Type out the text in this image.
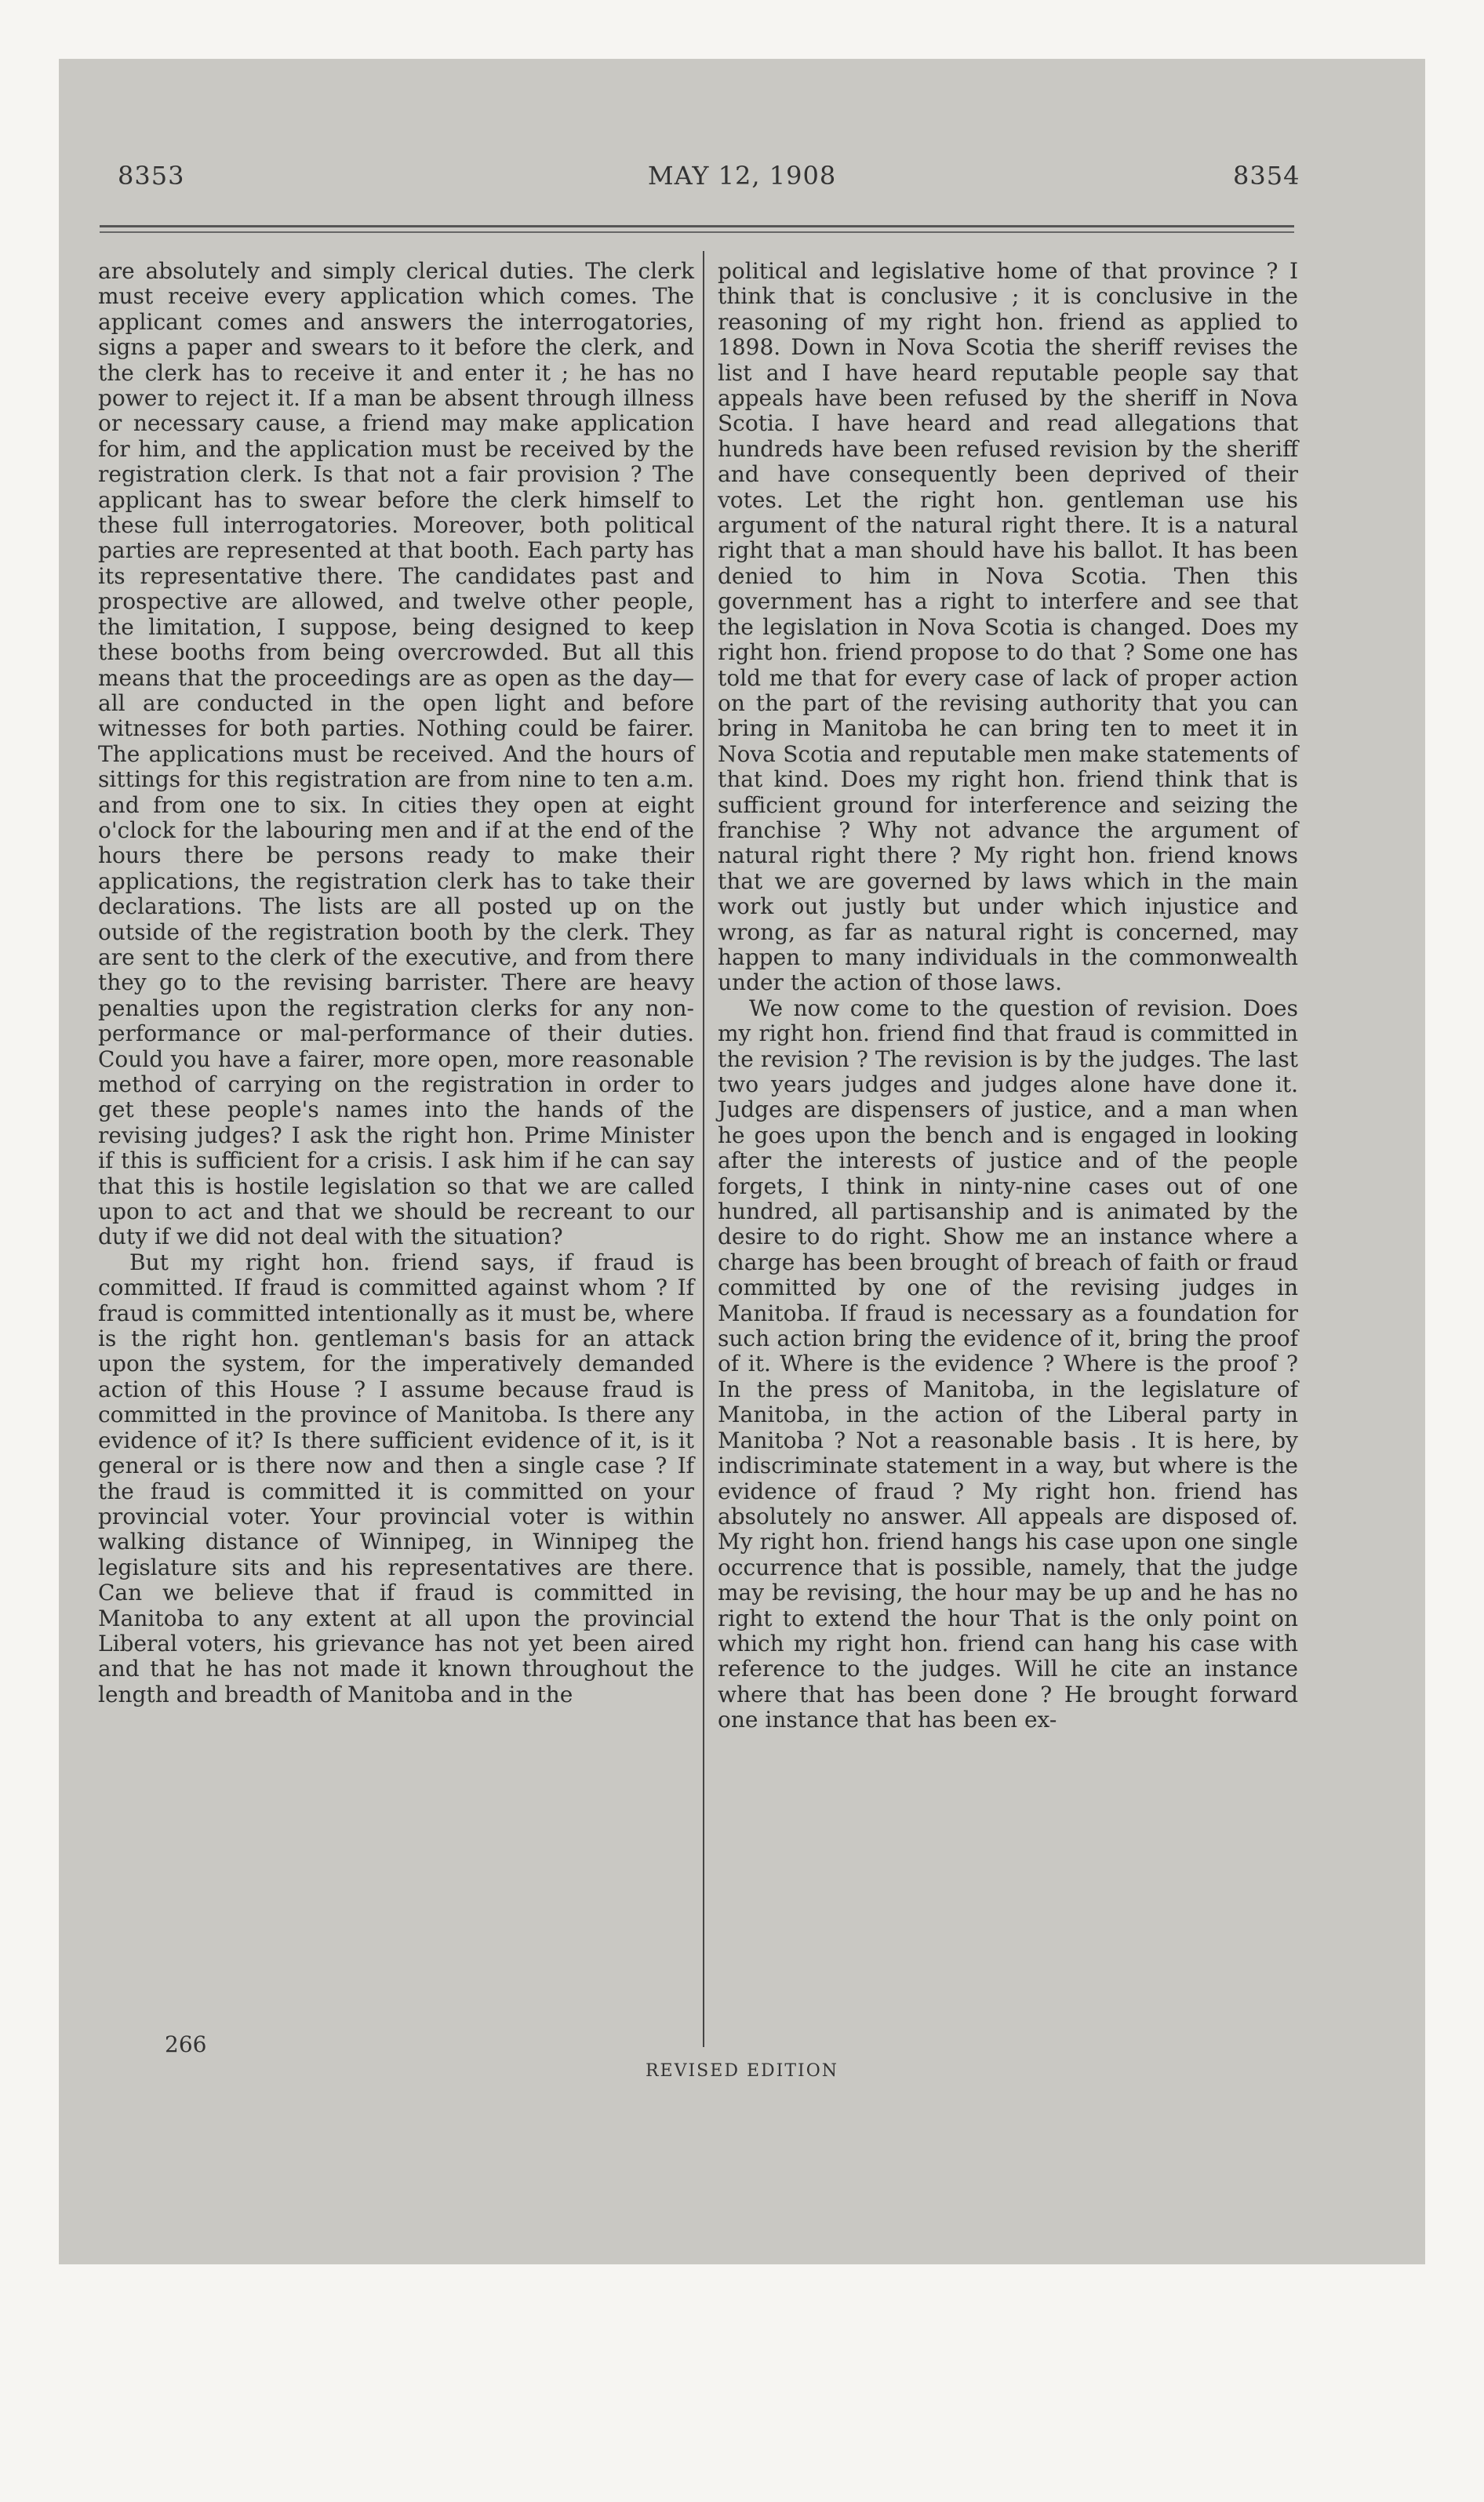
8353	MAY 12, 1908	8354

are absolutely and simply clerical duties. The clerk must receive every application which comes. The applicant comes and answers the interrogatories, signs a paper and swears to it before the clerk, and the clerk has to receive it and enter it ; he has no power to reject it. If a man be absent through illness or necessary cause, a friend may make application for him, and the application must be received by the registration clerk. Is that not a fair provision ? The applicant has to swear before the clerk himself to these full interrogatories. Moreover, both political parties are represented at that booth. Each party has its representative there. The candidates past and prospective are allowed, and twelve other people, the limitation, I suppose, being designed to keep these booths from being overcrowded. But all this means that the proceedings are as open as the day—all are conducted in the open light and before witnesses for both parties. Nothing could be fairer. The applications must be received. And the hours of sittings for this registration are from nine to ten a.m. and from one to six. In cities they open at eight o'clock for the labouring men and if at the end of the hours there be persons ready to make their applications, the registration clerk has to take their declarations. The lists are all posted up on the outside of the registration booth by the clerk. They are sent to the clerk of the executive, and from there they go to the revising barrister. There are heavy penalties upon the registration clerks for any non-performance or mal-performance of their duties. Could you have a fairer, more open, more reasonable method of carrying on the registration in order to get these people's names into the hands of the revising judges? I ask the right hon. Prime Minister if this is sufficient for a crisis. I ask him if he can say that this is hostile legislation so that we are called upon to act and that we should be recreant to our duty if we did not deal with the situation?

But my right hon. friend says, if fraud is committed. If fraud is committed against whom ? If fraud is committed intentionally as it must be, where is the right hon. gentleman's basis for an attack upon the system, for the imperatively demanded action of this House ? I assume because fraud is committed in the province of Manitoba. Is there any evidence of it? Is there sufficient evidence of it, is it general or is there now and then a single case ? If the fraud is committed it is committed on your provincial voter. Your provincial voter is within walking distance of Winnipeg, in Winnipeg the legislature sits and his representatives are there. Can we believe that if fraud is committed in Manitoba to any extent at all upon the provincial Liberal voters, his grievance has not yet been aired and that he has not made it known throughout the length and breadth of Manitoba and in the

political and legislative home of that province ? I think that is conclusive ; it is conclusive in the reasoning of my right hon. friend as applied to 1898. Down in Nova Scotia the sheriff revises the list and I have heard reputable people say that appeals have been refused by the sheriff in Nova Scotia. I have heard and read allegations that hundreds have been refused revision by the sheriff and have consequently been deprived of their votes. Let the right hon. gentleman use his argument of the natural right there. It is a natural right that a man should have his ballot. It has been denied to him in Nova Scotia. Then this government has a right to interfere and see that the legislation in Nova Scotia is changed. Does my right hon. friend propose to do that ? Some one has told me that for every case of lack of proper action on the part of the revising authority that you can bring in Manitoba he can bring ten to meet it in Nova Scotia and reputable men make statements of that kind. Does my right hon. friend think that is sufficient ground for interference and seizing the franchise ? Why not advance the argument of natural right there ? My right hon. friend knows that we are governed by laws which in the main work out justly but under which injustice and wrong, as far as natural right is concerned, may happen to many individuals in the commonwealth under the action of those laws.

We now come to the question of revision. Does my right hon. friend find that fraud is committed in the revision ? The revision is by the judges. The last two years judges and judges alone have done it. Judges are dispensers of justice, and a man when he goes upon the bench and is engaged in looking after the interests of justice and of the people forgets, I think in ninty-nine cases out of one hundred, all partisanship and is animated by the desire to do right. Show me an instance where a charge has been brought of breach of faith or fraud committed by one of the revising judges in Manitoba. If fraud is necessary as a foundation for such action bring the evidence of it, bring the proof of it. Where is the evidence ? Where is the proof ? In the press of Manitoba, in the legislature of Manitoba, in the action of the Liberal party in Manitoba ? Not a reasonable basis . It is here, by indiscriminate statement in a way, but where is the evidence of fraud ? My right hon. friend has absolutely no answer. All appeals are disposed of. My right hon. friend hangs his case upon one single occurrence that is possible, namely, that the judge may be revising, the hour may be up and he has no right to extend the hour That is the only point on which my right hon. friend can hang his case with reference to the judges. Will he cite an instance where that has been done ? He brought forward one instance that has been ex-

266
REVISED EDITION
